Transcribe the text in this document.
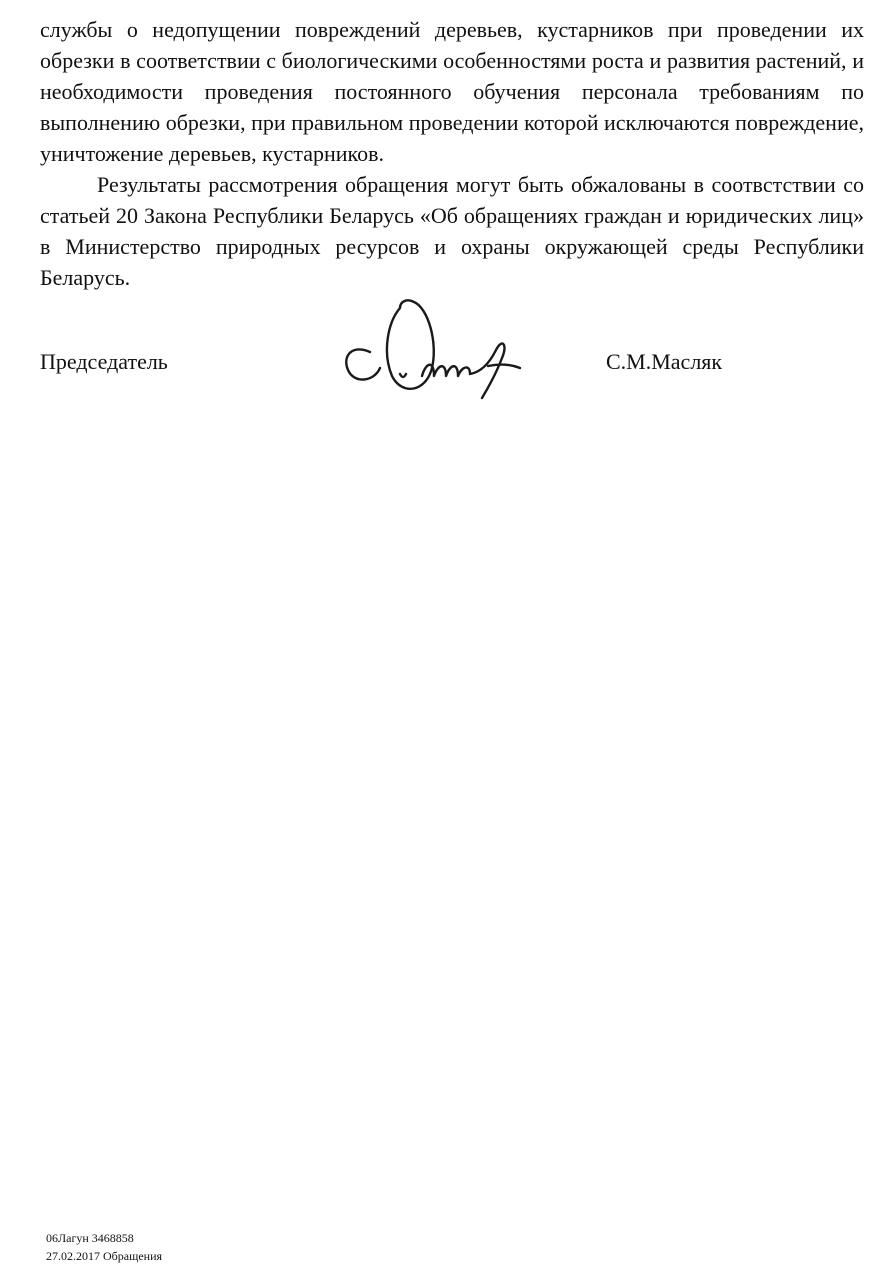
службы о недопущении повреждений деревьев, кустарников при проведении их обрезки в соответствии с биологическими особенностями роста и развития растений, и необходимости проведения постоянного обучения персонала требованиям по выполнению обрезки, при правильном проведении которой исключаются повреждение, уничтожение деревьев, кустарников.

Результаты рассмотрения обращения могут быть обжалованы в соотвстствии со статьей 20 Закона Республики Беларусь «Об обращениях граждан и юридических лиц» в Министерство природных ресурсов и охраны окружающей среды Республики Беларусь.

Председатель	С.М.Масляк
06Лагун 3468858
27.02.2017 Обращения
